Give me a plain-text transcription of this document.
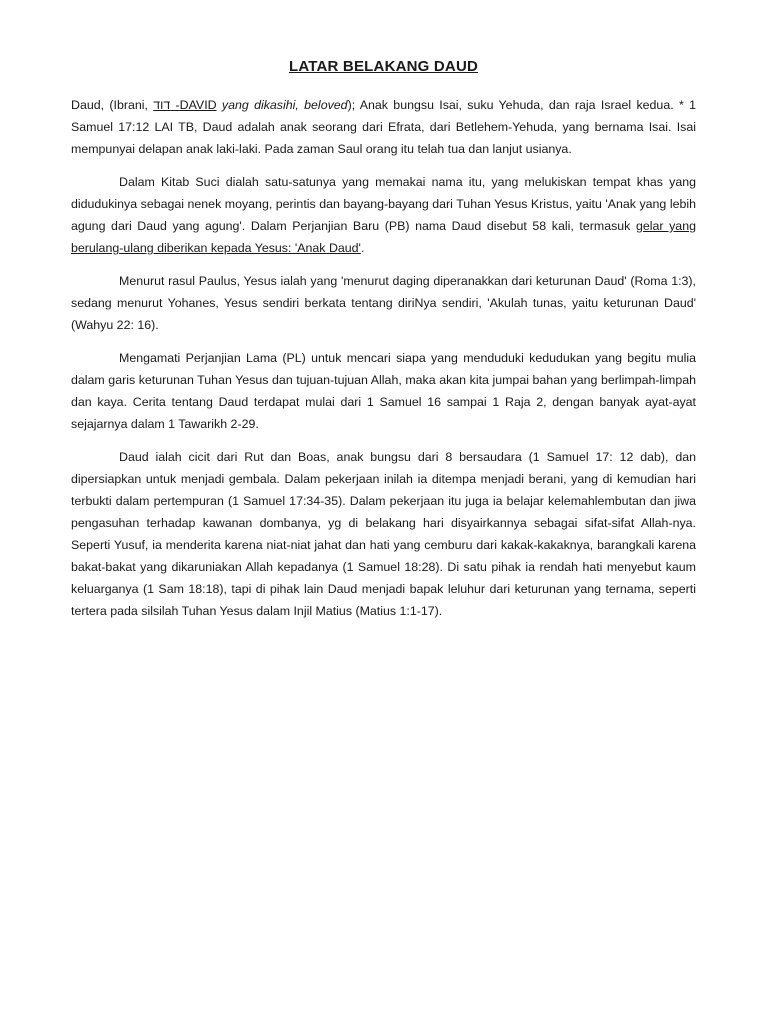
LATAR BELAKANG DAUD

Daud, (Ibrani, דוד -DAVID yang dikasihi, beloved); Anak bungsu Isai, suku Yehuda, dan raja Israel kedua. * 1 Samuel 17:12 LAI TB, Daud adalah anak seorang dari Efrata, dari Betlehem-Yehuda, yang bernama Isai. Isai mempunyai delapan anak laki-laki. Pada zaman Saul orang itu telah tua dan lanjut usianya.

Dalam Kitab Suci dialah satu-satunya yang memakai nama itu, yang melukiskan tempat khas yang didudukinya sebagai nenek moyang, perintis dan bayang-bayang dari Tuhan Yesus Kristus, yaitu 'Anak yang lebih agung dari Daud yang agung'. Dalam Perjanjian Baru (PB) nama Daud disebut 58 kali, termasuk gelar yang berulang-ulang diberikan kepada Yesus: 'Anak Daud'.

Menurut rasul Paulus, Yesus ialah yang 'menurut daging diperanakkan dari keturunan Daud' (Roma 1:3), sedang menurut Yohanes, Yesus sendiri berkata tentang diriNya sendiri, 'Akulah tunas, yaitu keturunan Daud' (Wahyu 22: 16).

Mengamati Perjanjian Lama (PL) untuk mencari siapa yang menduduki kedudukan yang begitu mulia dalam garis keturunan Tuhan Yesus dan tujuan-tujuan Allah, maka akan kita jumpai bahan yang berlimpah-limpah dan kaya. Cerita tentang Daud terdapat mulai dari 1 Samuel 16 sampai 1 Raja 2, dengan banyak ayat-ayat sejajarnya dalam 1 Tawarikh 2-29.

Daud ialah cicit dari Rut dan Boas, anak bungsu dari 8 bersaudara (1 Samuel 17: 12 dab), dan dipersiapkan untuk menjadi gembala. Dalam pekerjaan inilah ia ditempa menjadi berani, yang di kemudian hari terbukti dalam pertempuran (1 Samuel 17:34-35). Dalam pekerjaan itu juga ia belajar kelemahlembutan dan jiwa pengasuhan terhadap kawanan dombanya, yg di belakang hari disyairkannya sebagai sifat-sifat Allah-nya. Seperti Yusuf, ia menderita karena niat-niat jahat dan hati yang cemburu dari kakak-kakaknya, barangkali karena bakat-bakat yang dikaruniakan Allah kepadanya (1 Samuel 18:28). Di satu pihak ia rendah hati menyebut kaum keluarganya (1 Sam 18:18), tapi di pihak lain Daud menjadi bapak leluhur dari keturunan yang ternama, seperti tertera pada silsilah Tuhan Yesus dalam Injil Matius (Matius 1:1-17).
